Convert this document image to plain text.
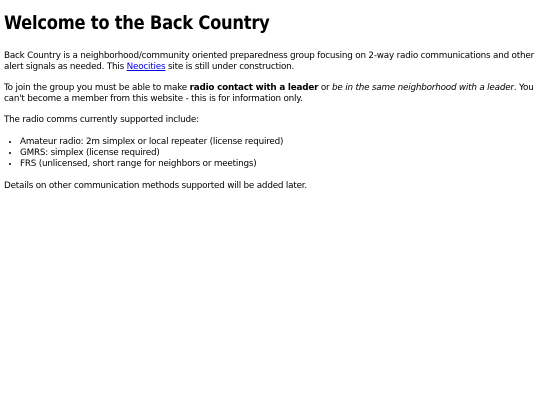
Welcome to the Back Country

Back Country is a neighborhood/community oriented preparedness group focusing on 2-way radio communications and other alert signals as needed. This Neocities site is still under construction.

To join the group you must be able to make radio contact with a leader or be in the same neighborhood with a leader. You can't become a member from this website - this is for information only.

The radio comms currently supported include:

• Amateur radio: 2m simplex or local repeater (license required)
• GMRS: simplex (license required)
• FRS (unlicensed, short range for neighbors or meetings)

Details on other communication methods supported will be added later.
